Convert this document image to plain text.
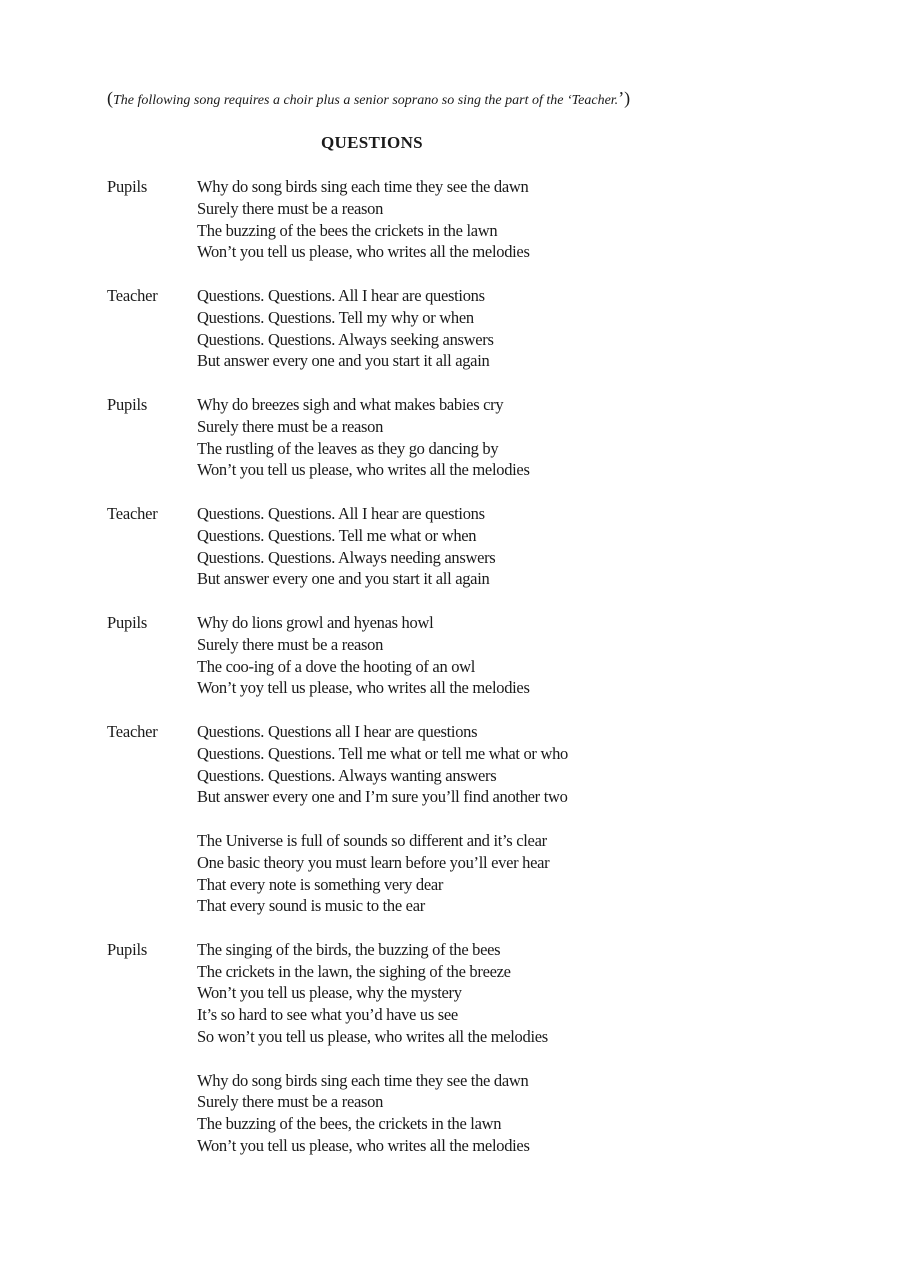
(The following song requires a choir plus a senior soprano so sing the part of the ‘Teacher.’)
QUESTIONS
Pupils	Why do song birds sing each time they see the dawn
Surely there must be a reason
The buzzing of the bees the crickets in the lawn
Won’t you tell us please, who writes all the melodies
Teacher	Questions. Questions. All I hear are questions
Questions. Questions. Tell my why or when
Questions. Questions. Always seeking answers
But answer every one and you start it all again
Pupils	Why do breezes sigh and what makes babies cry
Surely there must be a reason
The rustling of the leaves as they go dancing by
Won’t you tell us please, who writes all the melodies
Teacher	Questions. Questions. All I hear are questions
Questions. Questions. Tell me what or when
Questions. Questions. Always needing answers
But answer every one and you start it all again
Pupils	Why do lions growl and hyenas howl
Surely there must be a reason
The coo-ing of a dove the hooting of an owl
Won’t yoy tell us please, who writes all the melodies
Teacher	Questions. Questions all I hear are questions
Questions. Questions. Tell me what or tell me what or who
Questions. Questions. Always wanting answers
But answer every one and I’m sure you’ll find another two
The Universe is full of sounds so different and it’s clear
One basic theory you must learn before you’ll ever hear
That every note is something very dear
That every sound is music to the ear
Pupils	The singing of the birds, the buzzing of the bees
The crickets in the lawn, the sighing of the breeze
Won’t you tell us please, why the mystery
It’s so hard to see what you’d have us see
So won’t you tell us please, who writes all the melodies
Why do song birds sing each time they see the dawn
Surely there must be a reason
The buzzing of the bees, the crickets in the lawn
Won’t you tell us please, who writes all the melodies
